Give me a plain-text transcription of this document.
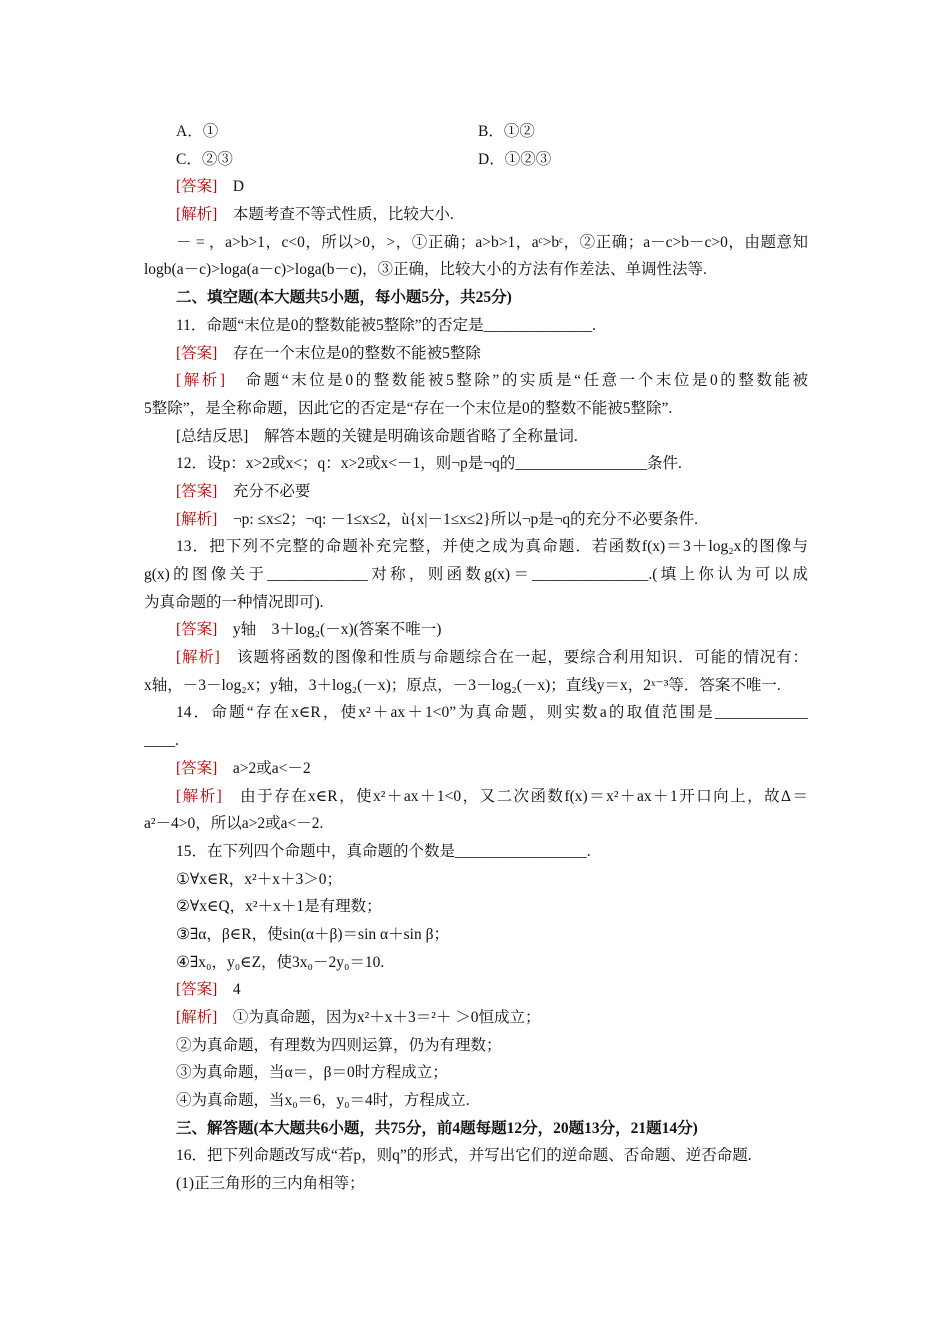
A．①	B．①②
C．②③	D．①②③
[答案]　D
[解析]　本题考查不等式性质，比较大小.
－ = ，a>b>1，c<0，所以>0，>，①正确；a>b>1，aᶜ>bᶜ，②正确；a－c>b－c>0，由题意知
logb(a－c)>loga(a－c)>loga(b－c)，③正确，比较大小的方法有作差法、单调性法等.
二、填空题(本大题共5小题，每小题5分，共25分)
11．命题“末位是0的整数能被5整除”的否定是______________.
[答案]　存在一个末位是0的整数不能被5整除
[解析]　命题“末位是0的整数能被5整除”的实质是“任意一个末位是0的整数能被
5整除”，是全称命题，因此它的否定是“存在一个末位是0的整数不能被5整除”.
[总结反思]　解答本题的关键是明确该命题省略了全称量词.
12．设p：x>2或x<；q：x>2或x<－1，则¬p是¬q的_________________条件.
[答案]　充分不必要
[解析]　¬p: ≤x≤2；¬q: －1≤x≤2，ù{x|－1≤x≤2}所以¬p是¬q的充分不必要条件.
13．把下列不完整的命题补充完整，并使之成为真命题．若函数f(x)＝3＋log₂x的图像与
g(x)的图像关于_____________对称，则函数g(x)＝_______________.(填上你认为可以成
为真命题的一种情况即可).
[答案]　y轴　3＋log₂(－x)(答案不唯一)
[解析]　该题将函数的图像和性质与命题综合在一起，要综合利用知识．可能的情况有：
x轴，－3－log₂x；y轴，3＋log₂(－x)；原点，－3－log₂(－x)；直线y＝x，2ˣ⁻³等．答案不唯一.
14．命题“存在x∈R，使x²＋ax＋1<0”为真命题，则实数a的取值范围是____________
____.
[答案]　a>2或a<－2
[解析]　由于存在x∈R，使x²＋ax＋1<0，又二次函数f(x)＝x²＋ax＋1开口向上，故Δ＝
a²－4>0，所以a>2或a<－2.
15．在下列四个命题中，真命题的个数是_________________.
①∀x∈R，x²＋x＋3＞0；
②∀x∈Q，x²＋x＋1是有理数；
③∃α，β∈R，使sin(α＋β)＝sin α＋sin β；
④∃x₀，y₀∈Z，使3x₀－2y₀＝10.
[答案]　4
[解析]　①为真命题，因为x²＋x＋3＝²＋ ＞0恒成立；
②为真命题，有理数为四则运算，仍为有理数；
③为真命题，当α＝，β＝0时方程成立；
④为真命题，当x₀＝6，y₀＝4时，方程成立.
三、解答题(本大题共6小题，共75分，前4题每题12分，20题13分，21题14分)
16．把下列命题改写成“若p，则q”的形式，并写出它们的逆命题、否命题、逆否命题.
(1)正三角形的三内角相等；
